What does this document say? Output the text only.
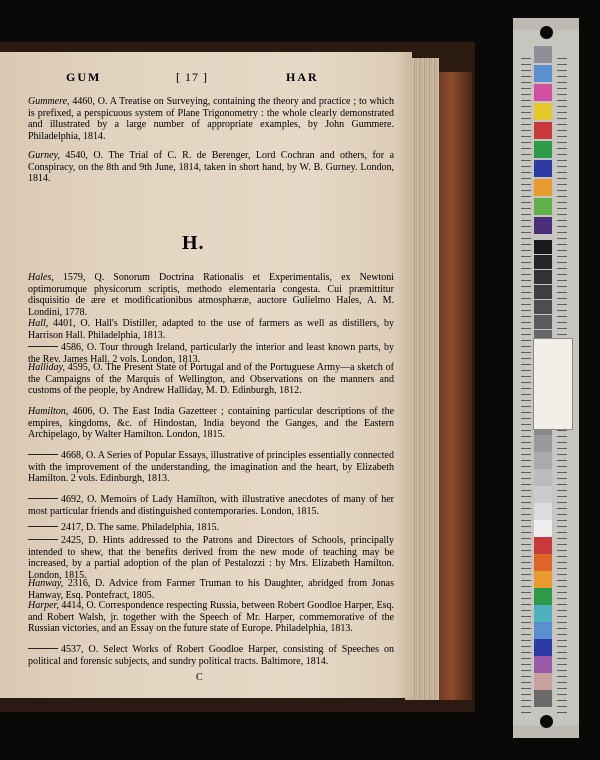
GUM	[ 17 ]	HAR

Gummere, 4460, O. A Treatise on Surveying, containing the theory and practice ; to which is prefixed, a perspicuous system of Plane Trigonometry : the whole clearly demonstrated and illustrated by a large number of appropriate examples, by John Gummere. Philadelphia, 1814.

Gurney, 4540, O. The Trial of C. R. de Berenger, Lord Cochran and others, for a Conspiracy, on the 8th and 9th June, 1814, taken in short hand, by W. B. Gurney. London, 1814.

H.

Hales, 1579, Q. Sonorum Doctrina Rationalis et Experimentalis, ex Newtoni optimorumque physicorum scriptis, methodo elementaria congesta. Cui præmittitur disquisitio de ære et modificationibus atmosphæræ, auctore Gulielmo Hales, A. M. Londini, 1778.

Hall, 4401, O. Hall's Distiller, adapted to the use of farmers as well as distillers, by Harrison Hall. Philadelphia, 1813.

4586, O. Tour through Ireland, particularly the interior and least known parts, by the Rev. James Hall. 2 vols. London, 1813.

Halliday, 4595, O. The Present State of Portugal and of the Portuguese Army—a sketch of the Campaigns of the Marquis of Wellington, and Observations on the manners and customs of the people, by Andrew Halliday, M. D. Edinburgh, 1812.

Hamilton, 4606, O. The East India Gazetteer ; containing particular descriptions of the empires, kingdoms, &c. of Hindostan, India beyond the Ganges, and the Eastern Archipelago, by Walter Hamilton. London, 1815.

4668, O. A Series of Popular Essays, illustrative of principles essentially connected with the improvement of the understanding, the imagination and the heart, by Elizabeth Hamilton. 2 vols. Edinburgh, 1813.

4692, O. Memoirs of Lady Hamilton, with illustrative anecdotes of many of her most particular friends and distinguished contemporaries. London, 1815.

2417, D. The same. Philadelphia, 1815.

2425, D. Hints addressed to the Patrons and Directors of Schools, principally intended to shew, that the benefits derived from the new mode of teaching may be increased, by a partial adoption of the plan of Pestalozzi : by Mrs. Elizabeth Hamilton. London, 1815.

Hanway, 2316, D. Advice from Farmer Truman to his Daughter, abridged from Jonas Hanway, Esq. Pontefract, 1805.

Harper, 4414, O. Correspondence respecting Russia, between Robert Goodloe Harper, Esq. and Robert Walsh, jr. together with the Speech of Mr. Harper, commemorative of the Russian victories, and an Essay on the future state of Europe. Philadelphia, 1813.

4537, O. Select Works of Robert Goodloe Harper, consisting of Speeches on political and forensic subjects, and sundry political tracts. Baltimore, 1814.

C
